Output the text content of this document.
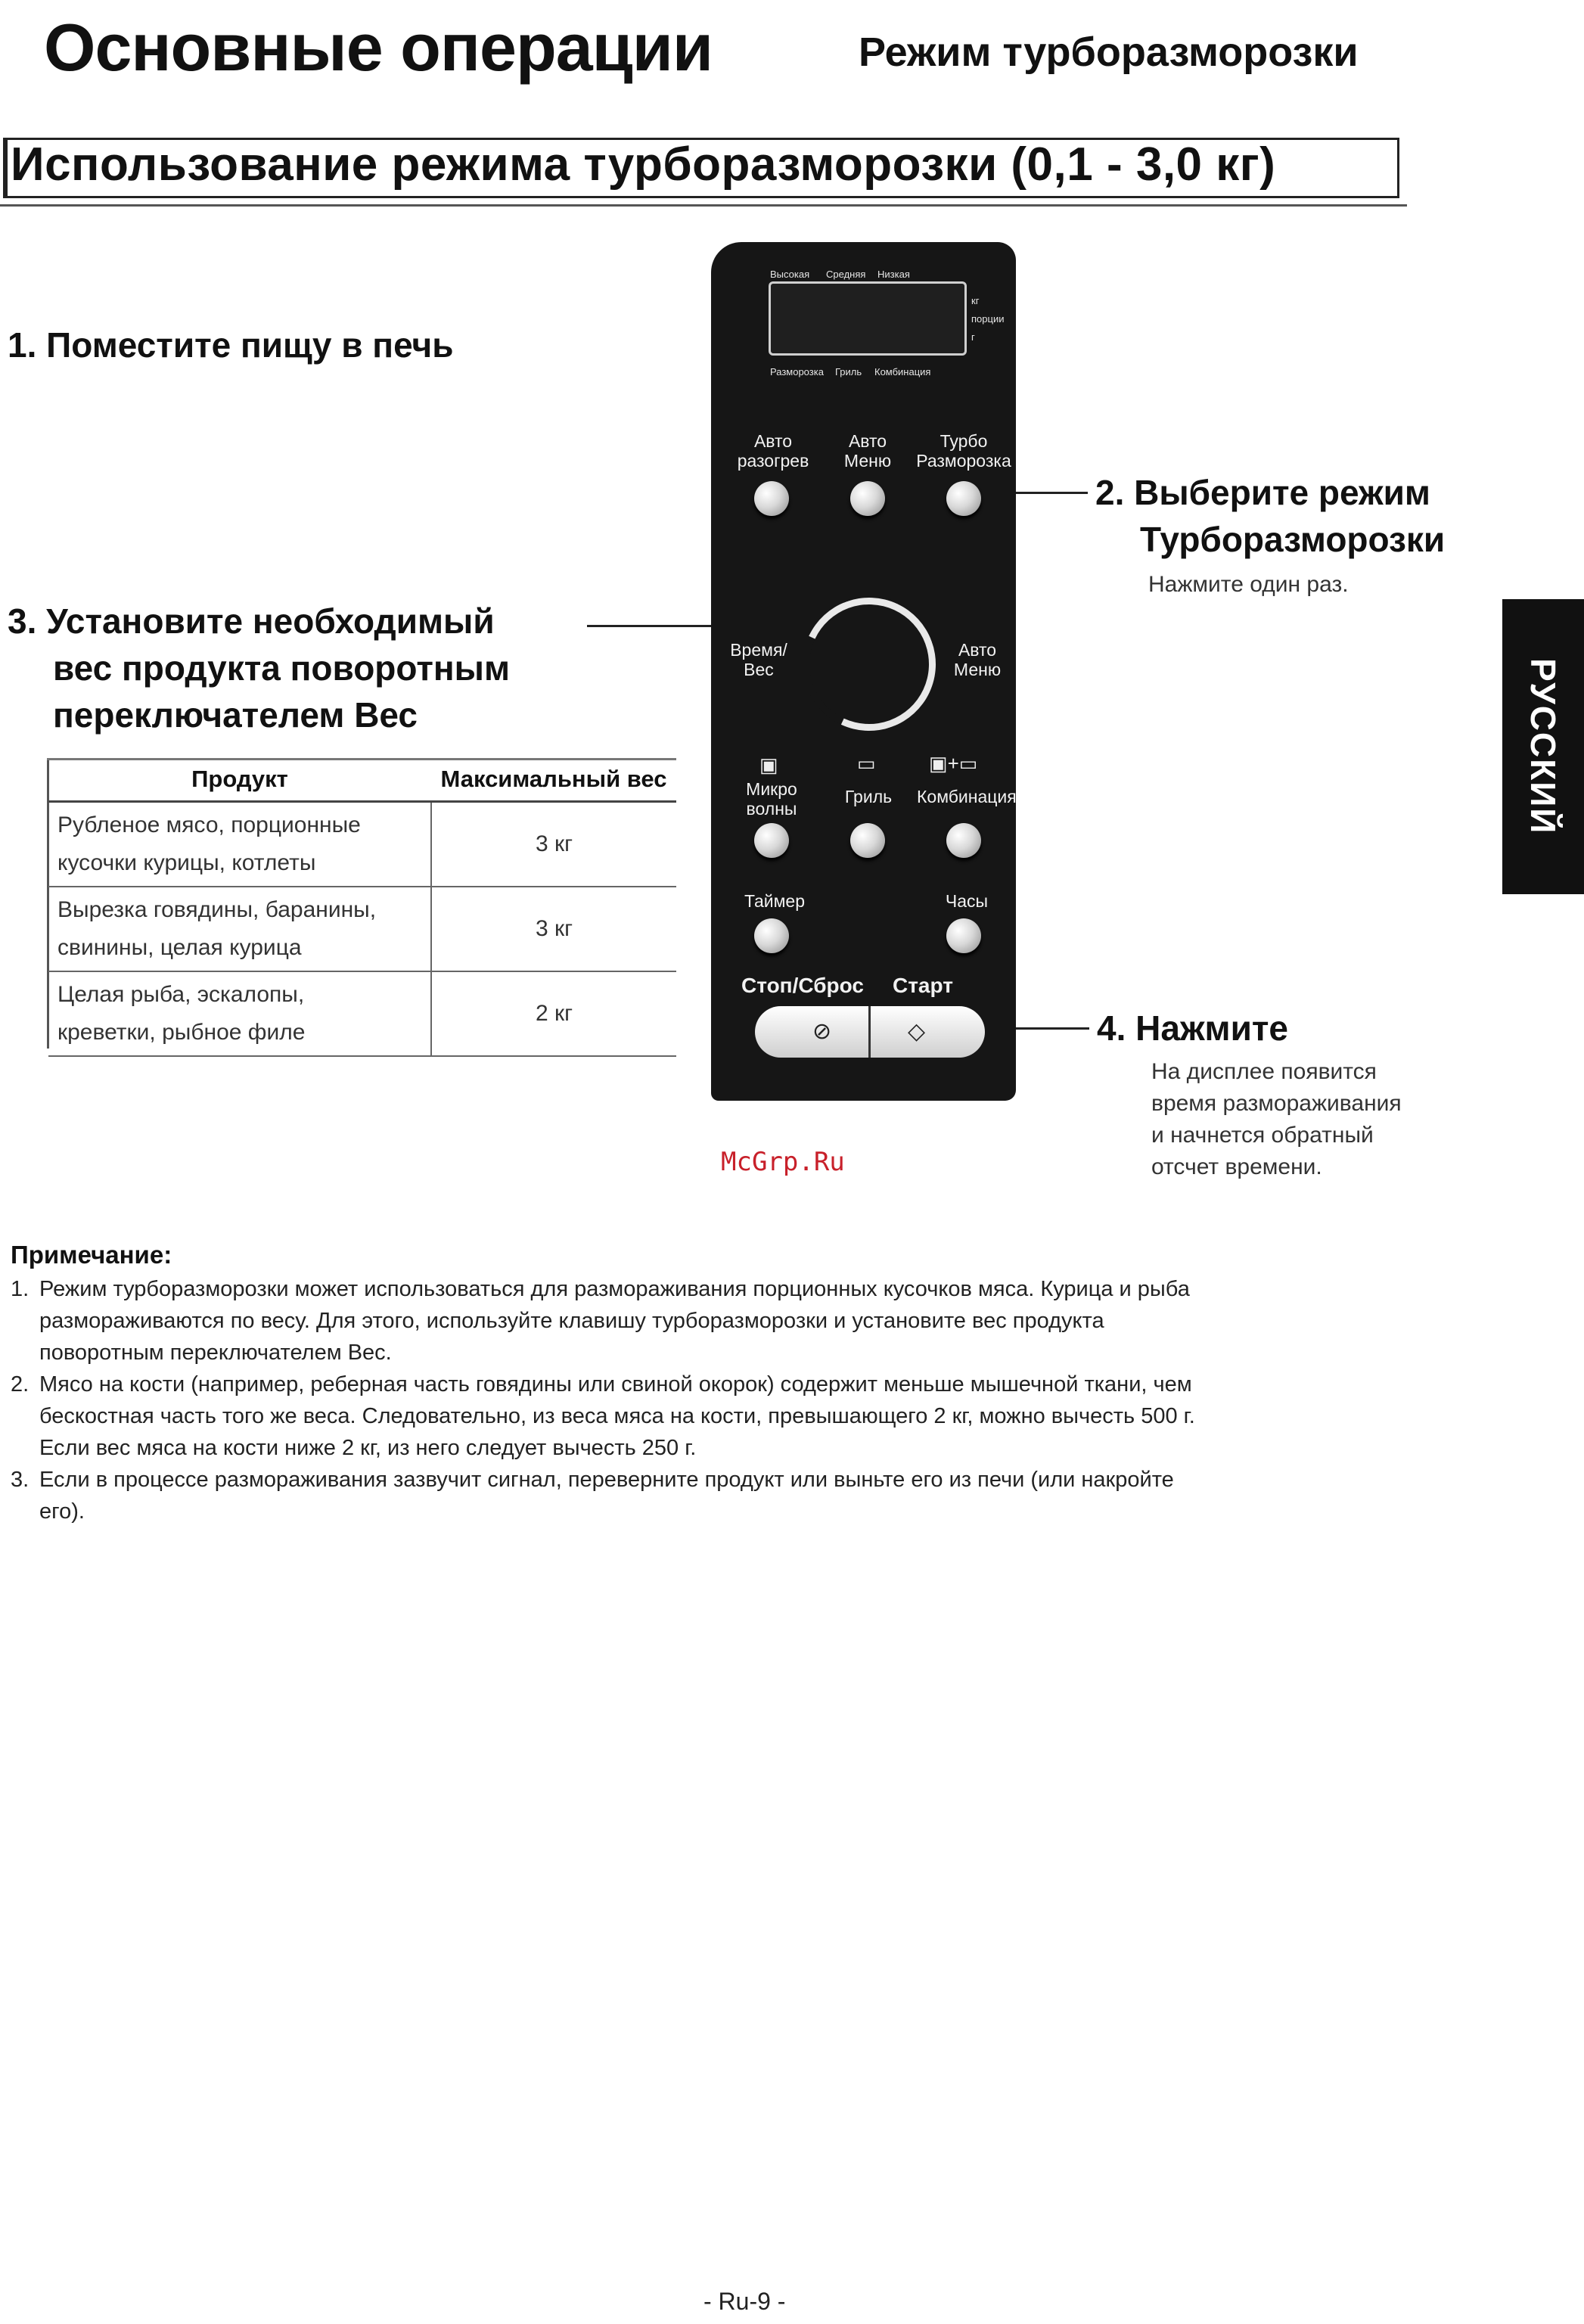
Основные операции	Режим турборазморозки
Использование режима турборазморозки (0,1 - 3,0 кг)
1. Поместите пищу в печь
2. Выберите режим
Турборазморозки
Нажмите один раз.
3. Установите необходимый
вес продукта поворотным
переключателем Вес
4. Нажмите
На дисплее появится
время размораживания
и начнется обратный
отсчет времени.
Продукт	Максимальный вес

Рубленое мясо, порционные
кусочки курицы, котлеты	3 кг

Вырезка говядины, баранины,
свинины, целая курица	3 кг

Целая рыба, эскалопы,
креветки, рыбное филе	2 кг
Высокая Средняя Низкая
кг
порции
г
Разморозка Гриль Комбинация
Авто
разогрев
Авто
Меню
Турбо
Разморозка
Время/
Вес
Авто
Меню
▣
Микро
волны
▭
Гриль
▣+▭
Комбинация
Таймер	Часы
Стоп/Сброс	Старт
⊘	◇
РУССКИЙ
McGrp.Ru
Примечание:
1. Режим турборазморозки может использоваться для размораживания порционных кусочков мяса. Курица и рыба
размораживаются по весу. Для этого, используйте клавишу турборазморозки и установите вес продукта
поворотным переключателем Вес.
2. Мясо на кости (например, реберная часть говядины или свиной окорок) содержит меньше мышечной ткани, чем
бескостная часть того же веса. Следовательно, из веса мяса на кости, превышающего 2 кг, можно вычесть 500 г.
Если вес мяса на кости ниже 2 кг, из него следует вычесть 250 г.
3. Если в процессе размораживания зазвучит сигнал, переверните продукт или выньте его из печи (или накройте
его).
- Ru-9 -
